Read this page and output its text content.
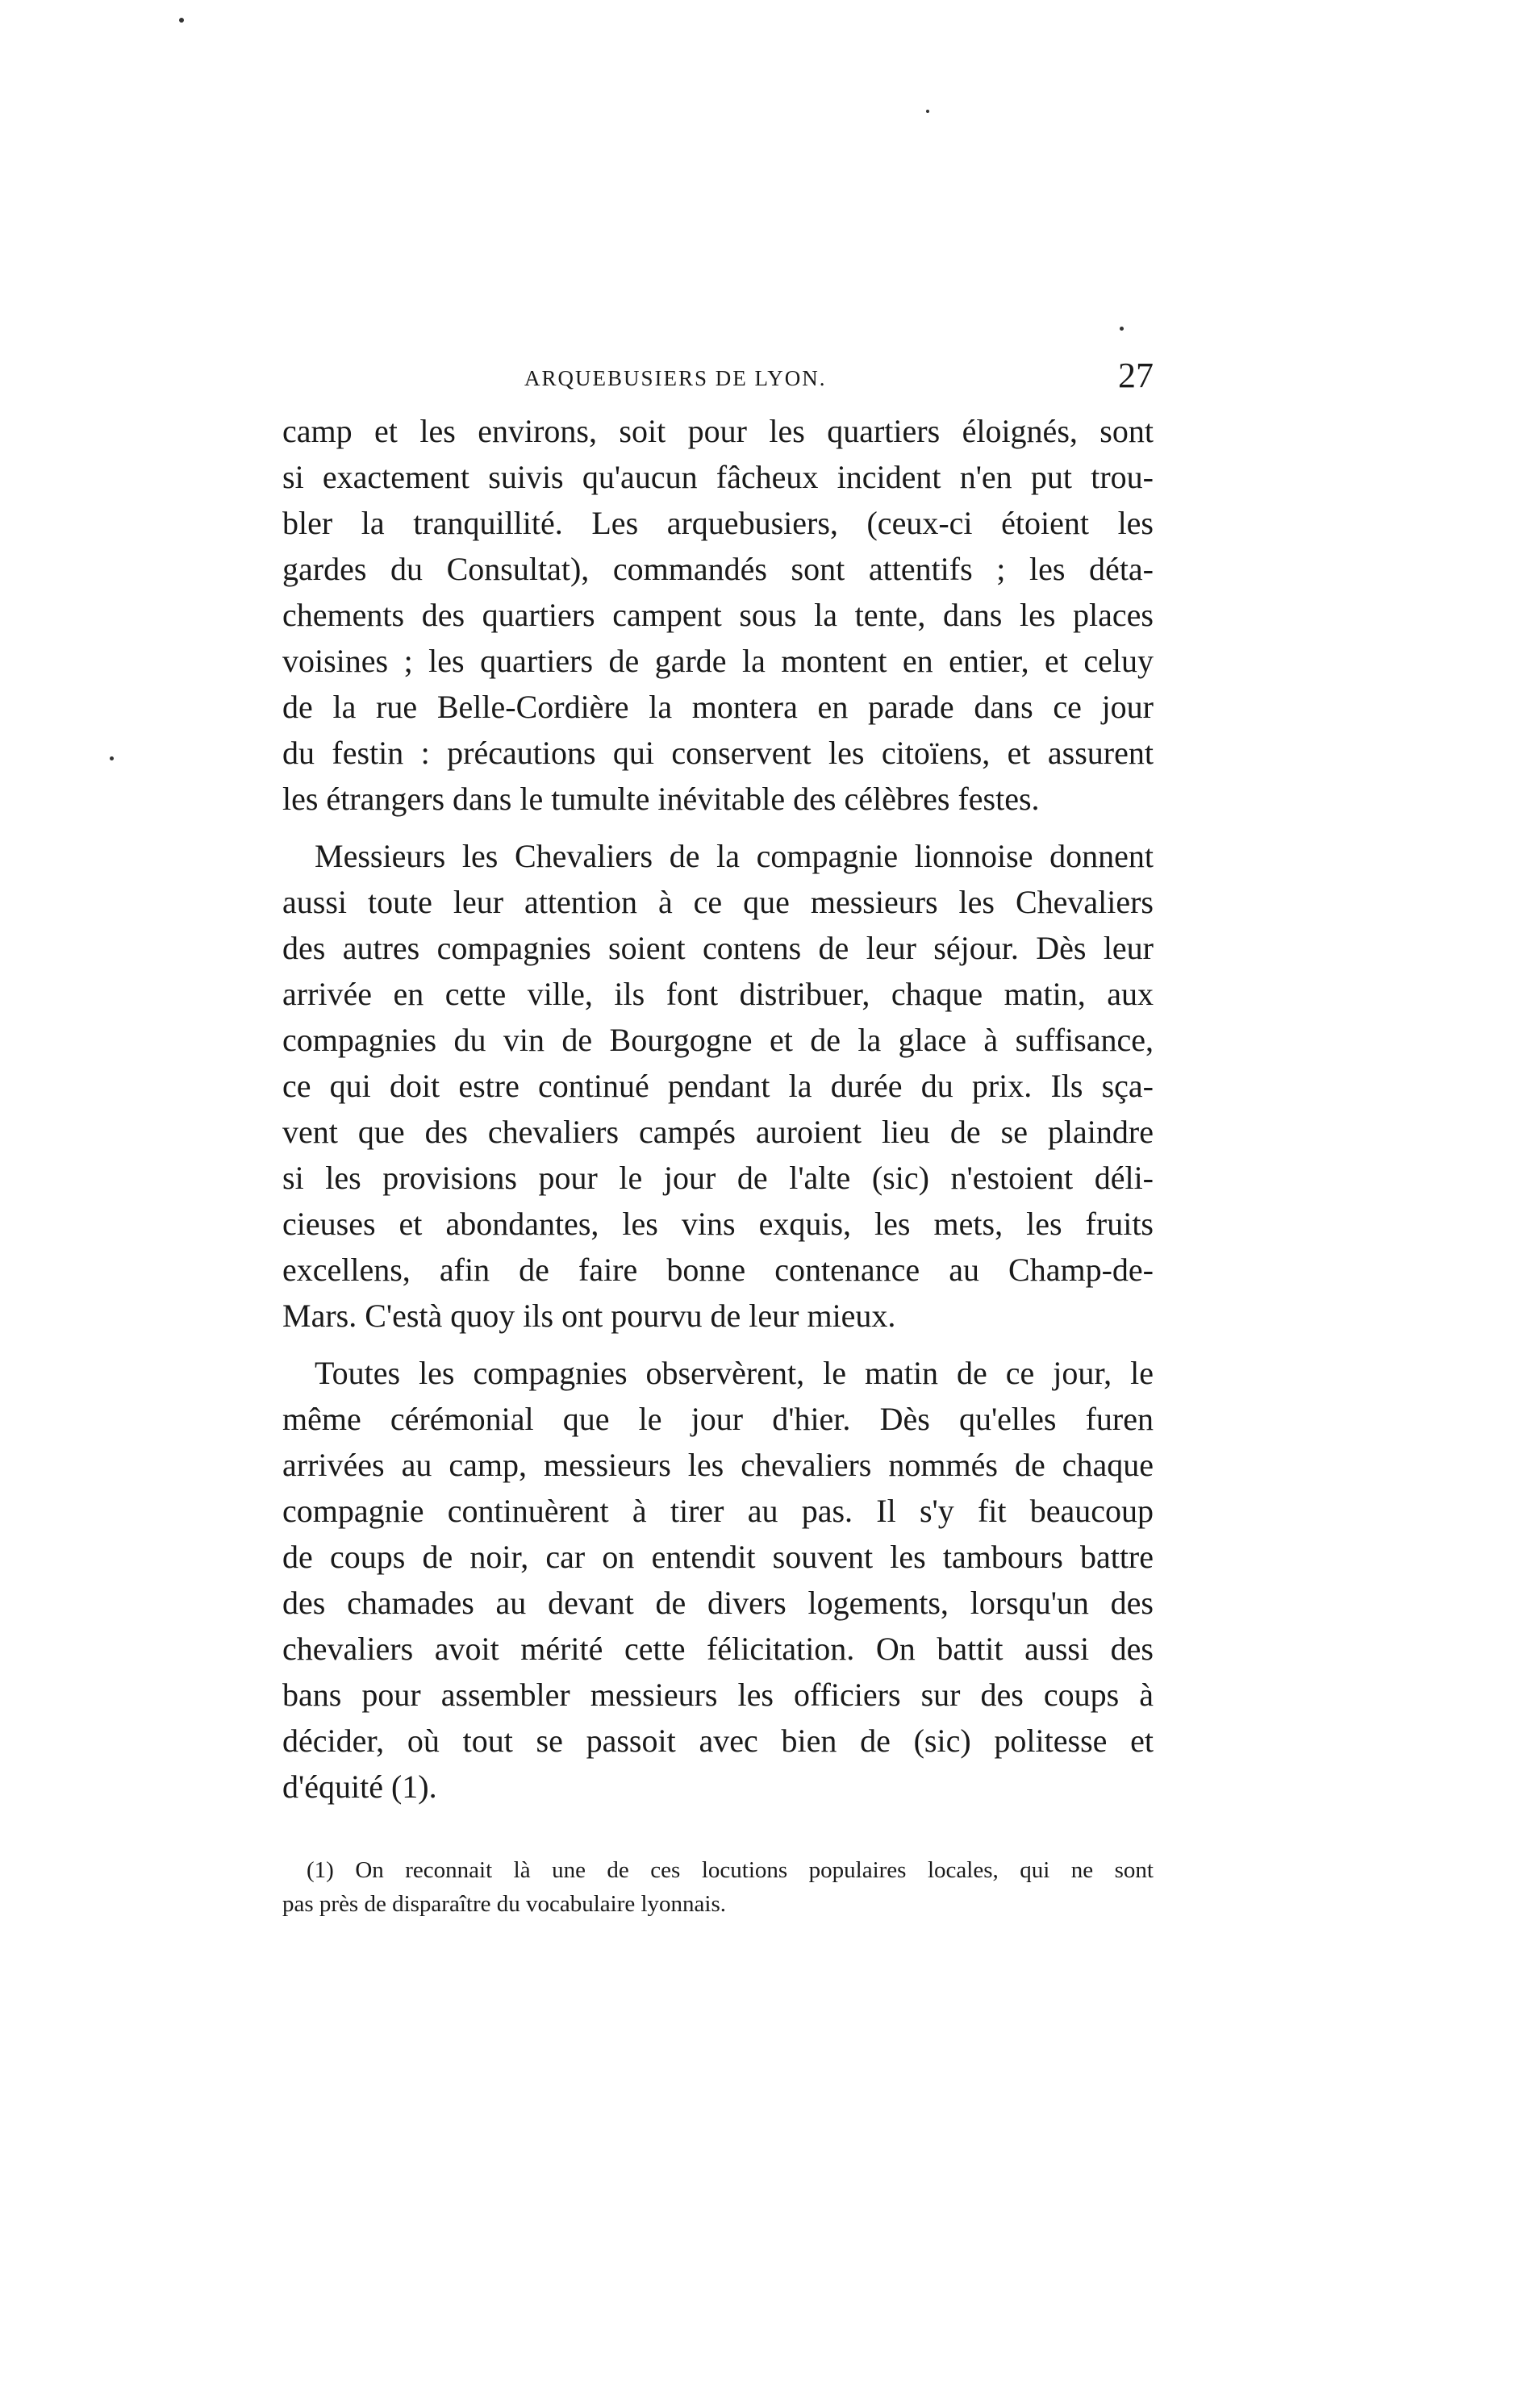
ARQUEBUSIERS DE LYON.	27
camp et les environs, soit pour les quartiers éloignés, sont
si exactement suivis qu'aucun fâcheux incident n'en put trou-
bler la tranquillité. Les arquebusiers, (ceux-ci étoient les
gardes du Consultat), commandés sont attentifs ; les déta-
chements des quartiers campent sous la tente, dans les places
voisines ; les quartiers de garde la montent en entier, et celuy
de la rue Belle-Cordière la montera en parade dans ce jour
du festin : précautions qui conservent les citoïens, et assurent
les étrangers dans le tumulte inévitable des célèbres festes.
Messieurs les Chevaliers de la compagnie lionnoise donnent
aussi toute leur attention à ce que messieurs les Chevaliers
des autres compagnies soient contens de leur séjour. Dès leur
arrivée en cette ville, ils font distribuer, chaque matin, aux
compagnies du vin de Bourgogne et de la glace à suffisance,
ce qui doit estre continué pendant la durée du prix. Ils sça-
vent que des chevaliers campés auroient lieu de se plaindre
si les provisions pour le jour de l'alte (sic) n'estoient déli-
cieuses et abondantes, les vins exquis, les mets, les fruits
excellens, afin de faire bonne contenance au Champ-de-
Mars. C'està quoy ils ont pourvu de leur mieux.
Toutes les compagnies observèrent, le matin de ce jour, le
même cérémonial que le jour d'hier. Dès qu'elles furen
arrivées au camp, messieurs les chevaliers nommés de chaque
compagnie continuèrent à tirer au pas. Il s'y fit beaucoup
de coups de noir, car on entendit souvent les tambours battre
des chamades au devant de divers logements, lorsqu'un des
chevaliers avoit mérité cette félicitation. On battit aussi des
bans pour assembler messieurs les officiers sur des coups à
décider, où tout se passoit avec bien de (sic) politesse et
d'équité (1).
(1) On reconnait là une de ces locutions populaires locales, qui ne sont
pas près de disparaître du vocabulaire lyonnais.
